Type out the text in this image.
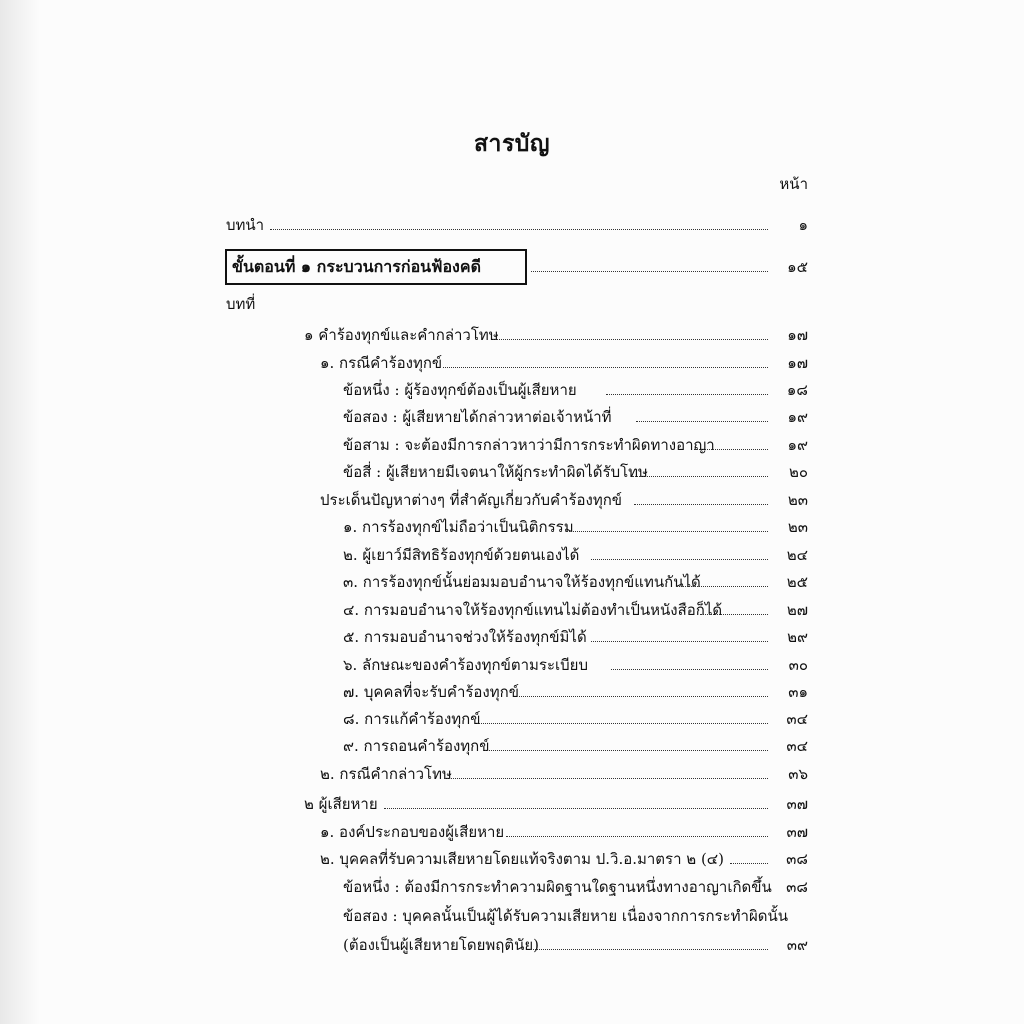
สารบัญ
หน้า
บทนำ	๑
ขั้นตอนที่ ๑ กระบวนการก่อนฟ้องคดี	๑๕
บทที่
๑ คำร้องทุกข์และคำกล่าวโทษ	๑๗
๑. กรณีคำร้องทุกข์	๑๗
ข้อหนึ่ง : ผู้ร้องทุกข์ต้องเป็นผู้เสียหาย	๑๘
ข้อสอง : ผู้เสียหายได้กล่าวหาต่อเจ้าหน้าที่	๑๙
ข้อสาม : จะต้องมีการกล่าวหาว่ามีการกระทำผิดทางอาญา	๑๙
ข้อสี่ : ผู้เสียหายมีเจตนาให้ผู้กระทำผิดได้รับโทษ	๒๐
ประเด็นปัญหาต่างๆ ที่สำคัญเกี่ยวกับคำร้องทุกข์	๒๓
๑. การร้องทุกข์ไม่ถือว่าเป็นนิติกรรม	๒๓
๒. ผู้เยาว์มีสิทธิร้องทุกข์ด้วยตนเองได้	๒๔
๓. การร้องทุกข์นั้นย่อมมอบอำนาจให้ร้องทุกข์แทนกันได้	๒๕
๔. การมอบอำนาจให้ร้องทุกข์แทนไม่ต้องทำเป็นหนังสือก็ได้	๒๗
๕. การมอบอำนาจช่วงให้ร้องทุกข์มิได้	๒๙
๖. ลักษณะของคำร้องทุกข์ตามระเบียบ	๓๐
๗. บุคคลที่จะรับคำร้องทุกข์	๓๑
๘. การแก้คำร้องทุกข์	๓๔
๙. การถอนคำร้องทุกข์	๓๔
๒. กรณีคำกล่าวโทษ	๓๖
๒ ผู้เสียหาย	๓๗
๑. องค์ประกอบของผู้เสียหาย	๓๗
๒. บุคคลที่รับความเสียหายโดยแท้จริงตาม ป.วิ.อ.มาตรา ๒ (๔)	๓๘
ข้อหนึ่ง : ต้องมีการกระทำความผิดฐานใดฐานหนึ่งทางอาญาเกิดขึ้น ๓๘
ข้อสอง : บุคคลนั้นเป็นผู้ได้รับความเสียหาย เนื่องจากการกระทำผิดนั้น
(ต้องเป็นผู้เสียหายโดยพฤตินัย)	๓๙
